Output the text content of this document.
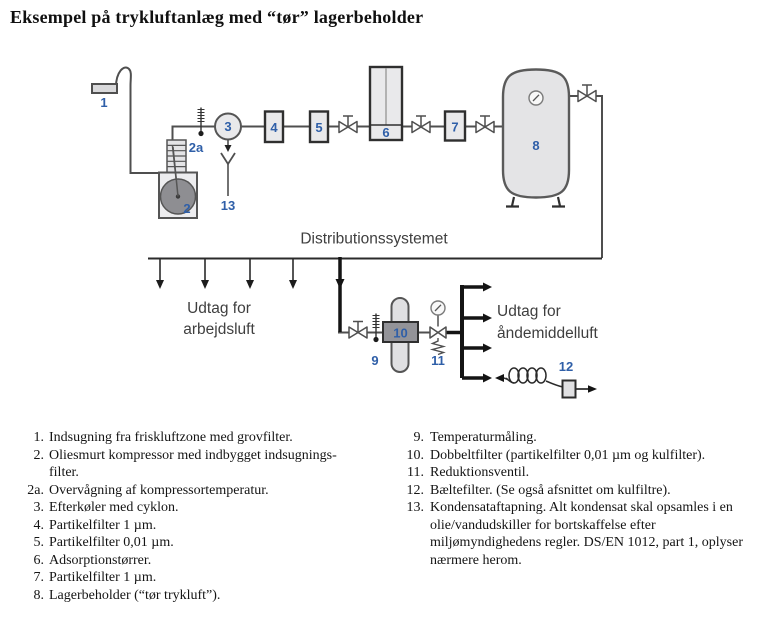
Eksempel på trykluftanlæg med “tør” lagerbeholder
1
2
2a
3	4	5	6	7
8
9
10
11	12
13
Distributionssystemet
Udtag for
arbejdsluft
Udtag for
åndemiddelluft
1. Indsugning fra friskluftzone med grovfilter.
2. Oliesmurt kompressor med indbygget indsugnings-filter.
2a. Overvågning af kompressortemperatur.
3. Efterkøler med cyklon.
4. Partikelfilter 1 µm.
5. Partikelfilter 0,01 µm.
6. Adsorptionstørrer.
7. Partikelfilter 1 µm.
8. Lagerbeholder (“tør trykluft”).
9. Temperaturmåling.
10. Dobbeltfilter (partikelfilter 0,01 µm og kulfilter).
11. Reduktionsventil.
12. Bæltefilter. (Se også afsnittet om kulfiltre).
13. Kondensataftapning. Alt kondensat skal opsamles i en olie/vandudskiller for bortskaffelse efter miljømyndighedens regler. DS/EN 1012, part 1, oplyser nærmere herom.
